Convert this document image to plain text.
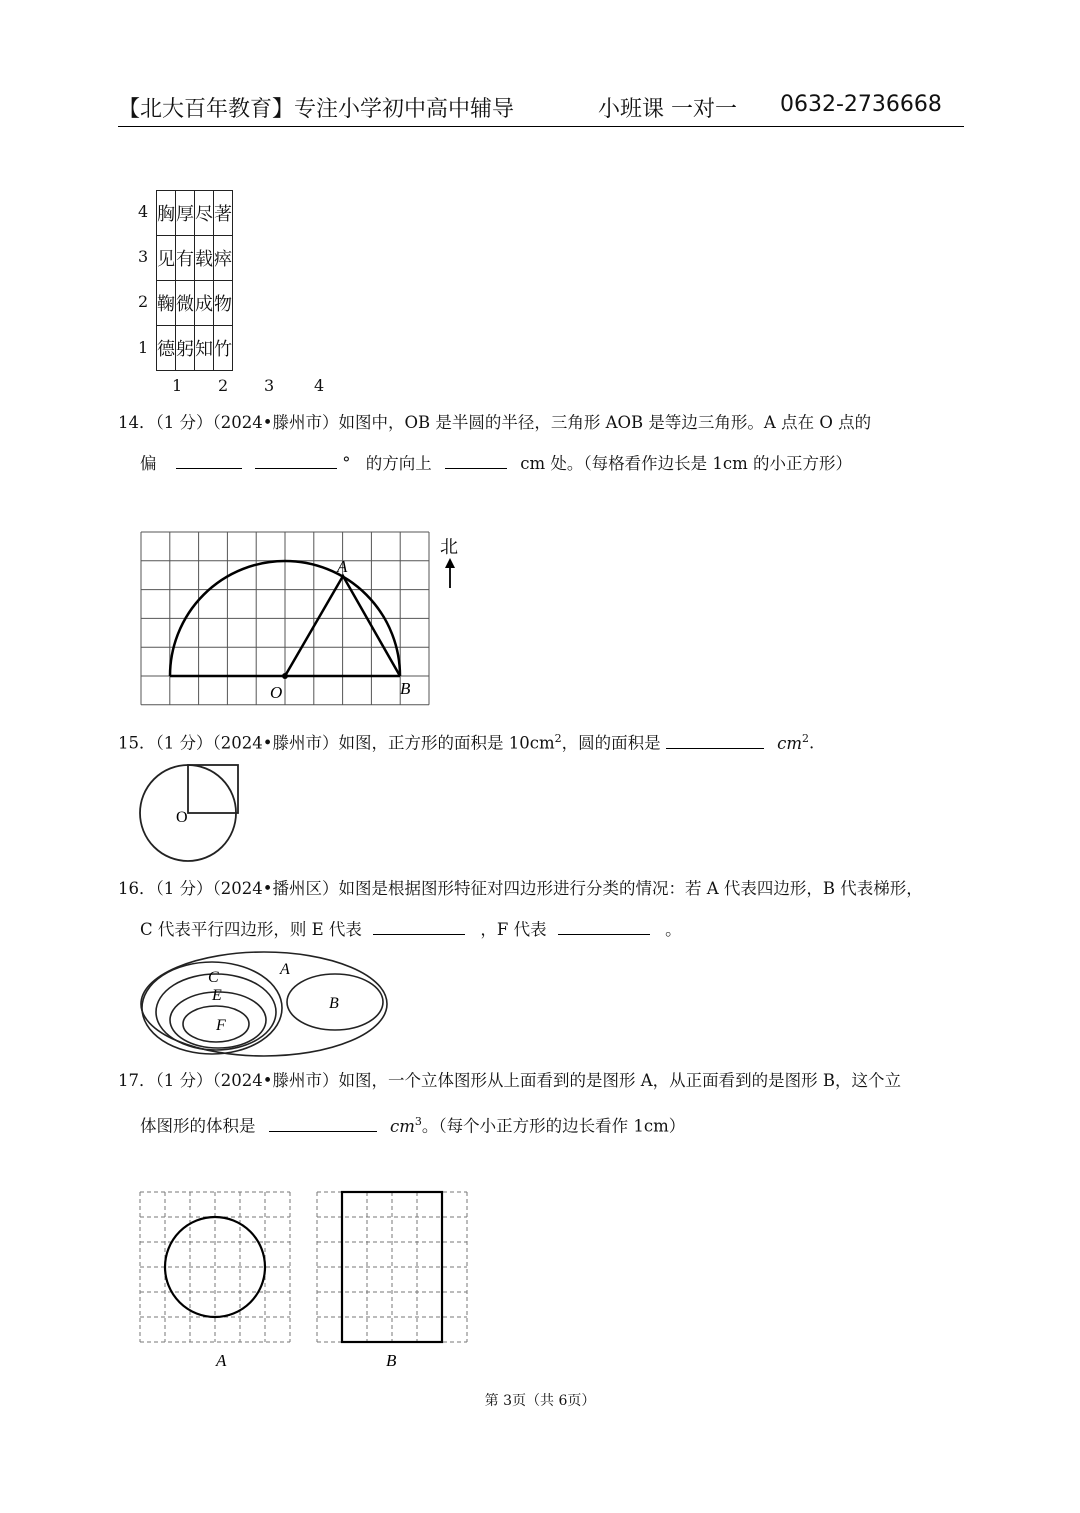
【北大百年教育】专注小学初中高中辅导	小班课 一对一 0632-2736668
4
3
2
1
胸	厚	尽	著
见	有	载	瘁
鞠	微	成	物
德	躬	知	竹
1 2 3 4
14．（1 分）（2024•滕州市）如图中，OB 是半圆的半径，三角形 AOB 是等边三角形。A 点在 O 点的
偏	° 的方向上	cm 处。（每格看作边长是 1cm 的小正方形）
A
O	B
北
15．（1 分）（2024•滕州市）如图，正方形的面积是 $10cm^2$，圆的面积是	$cm^2$.
O
16．（1 分）（2024•播州区）如图是根据图形特征对四边形进行分类的情况：若 A 代表四边形，B 代表梯形，
C 代表平行四边形，则 E 代表	，F 代表	。
A
C
E
F
B
17．（1 分）（2024•滕州市）如图，一个立体图形从上面看到的是图形 A，从正面看到的是图形 B，这个立
体图形的体积是	$cm^3$。（每个小正方形的边长看作 1cm）
A	B
第 3页（共 6页）
